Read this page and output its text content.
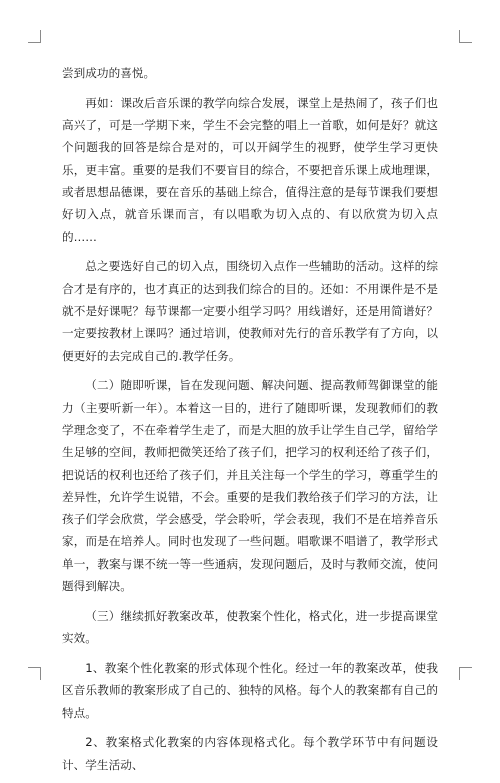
尝到成功的喜悦。

再如：课改后音乐课的教学向综合发展，课堂上是热闹了，孩子们也高兴了，可是一学期下来，学生不会完整的唱上一首歌，如何是好？就这个问题我的回答是综合是对的，可以开阔学生的视野，使学生学习更快乐，更丰富。重要的是我们不要盲目的综合，不要把音乐课上成地理课，或者思想品德课，要在音乐的基础上综合，值得注意的是每节课我们要想好切入点，就音乐课而言，有以唱歌为切入点的、有以欣赏为切入点的……

总之要选好自己的切入点，围绕切入点作一些辅助的活动。这样的综合才是有序的，也才真正的达到我们综合的目的。还如：不用课件是不是就不是好课呢？每节课都一定要小组学习吗？用线谱好，还是用简谱好？一定要按教材上课吗？通过培训，使教师对先行的音乐教学有了方向，以便更好的去完成自己的.教学任务。

（二）随即听课，旨在发现问题、解决问题、提高教师驾御课堂的能力（主要听新一年）。本着这一目的，进行了随即听课，发现教师们的教学理念变了，不在牵着学生走了，而是大胆的放手让学生自己学，留给学生足够的空间，教师把微笑还给了孩子们，把学习的权利还给了孩子们，把说话的权利也还给了孩子们，并且关注每一个学生的学习，尊重学生的差异性，允许学生说错，不会。重要的是我们教给孩子们学习的方法，让孩子们学会欣赏，学会感受，学会聆听，学会表现，我们不是在培养音乐家，而是在培养人。同时也发现了一些问题。唱歌课不唱谱了，教学形式单一，教案与课不统一等一些通病，发现问题后，及时与教师交流，使问题得到解决。

（三）继续抓好教案改革，使教案个性化，格式化，进一步提高课堂实效。

1、教案个性化教案的形式体现个性化。经过一年的教案改革，使我区音乐教师的教案形成了自己的、独特的风格。每个人的教案都有自己的特点。

2、教案格式化教案的内容体现格式化。每个教学环节中有问题设计、学生活动、
